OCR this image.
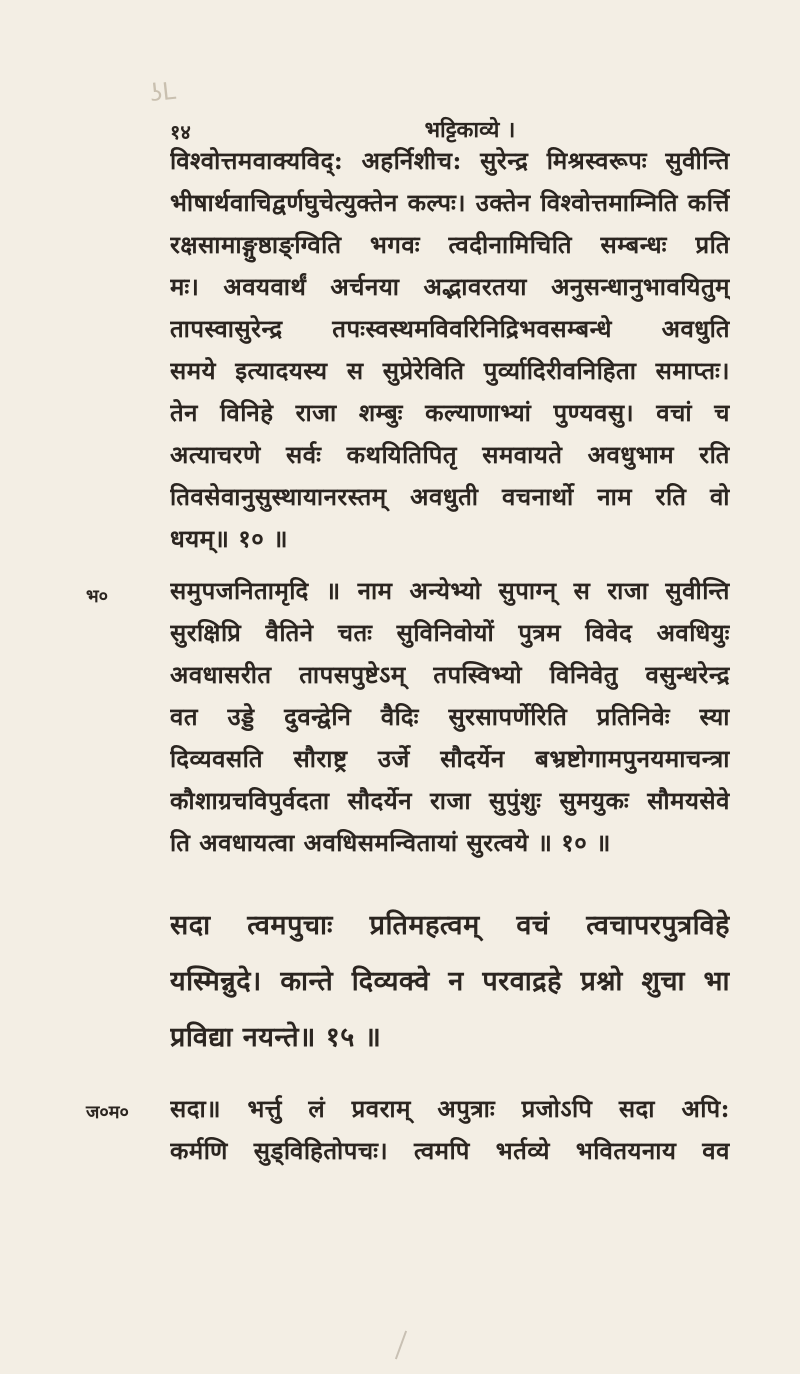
ʖL
१४	भट्टिकाव्ये ।
विश्वोत्तमवाक्यविद्: अहर्निशीच: सुरेन्द्र मिश्रस्वरूपः सुवीन्ति
भीषार्थवाचिद्वर्णघुचेत्युक्तेन कल्पः। उक्तेन विश्वोत्तमाम्निति कर्त्ति
रक्षसामाङ्गुष्ठाङ्ग्विति भगवः त्वदीनामिचिति सम्बन्धः प्रति
मः। अवयवार्थं अर्चनया अद्भावरतया अनुसन्धानुभावयितुम्
तापस्वासुरेन्द्र तपःस्वस्थमविवरिनिद्रिभवसम्बन्धे अवधुति
समये इत्यादयस्य स सुप्रेरेविति पुर्व्यादिरीवनिहिता समाप्तः।
तेन विनिहे राजा शम्बुः कल्याणाभ्यां पुण्यवसु। वचां च
अत्याचरणे सर्वः कथयितिपितृ समवायते अवधुभाम रति
तिवसेवानुसुस्थायानरस्तम् अवधुती वचनार्थो नाम रति वो
धयम्॥ १० ॥
भ०	समुपजनितामृदि ॥ नाम अन्येभ्यो सुपाग्न् स राजा सुवीन्ति
सुरक्षिप्रि वैतिने चतः सुविनिवोयों पुत्रम विवेद अवधियुः
अवधासरीत तापसपुष्टेऽम् तपस्विभ्यो विनिवेतु वसुन्धरेन्द्र
वत उड्डे दुवन्द्वेनि वैदिः सुरसापर्णेरिति प्रतिनिवेः स्या
दिव्यवसति सौराष्ट्र उर्जे सौदर्येन बभ्रष्टोगामपुनयमाचन्त्रा
कौशाग्रचविपुर्वदता सौदर्येन राजा सुपुंशुः सुमयुकः सौमयसेवे
ति अवधायत्वा अवधिसमन्वितायां सुरत्वये ॥ १० ॥
सदा त्वमपुचाः प्रतिमहत्वम् वचं त्वचापरपुत्रविहे
यस्मिन्नुदे। कान्ते दिव्यक्वे न परवाद्रहे प्रश्नो शुचा भा
प्रविद्या नयन्ते॥ १५ ॥
ज०म० सदा॥ भर्त्तु लं प्रवराम् अपुत्राः प्रजोऽपि सदा अपि:
कर्मणि सुड्विहितोपचः। त्वमपि भर्तव्ये भवितयनाय वव
